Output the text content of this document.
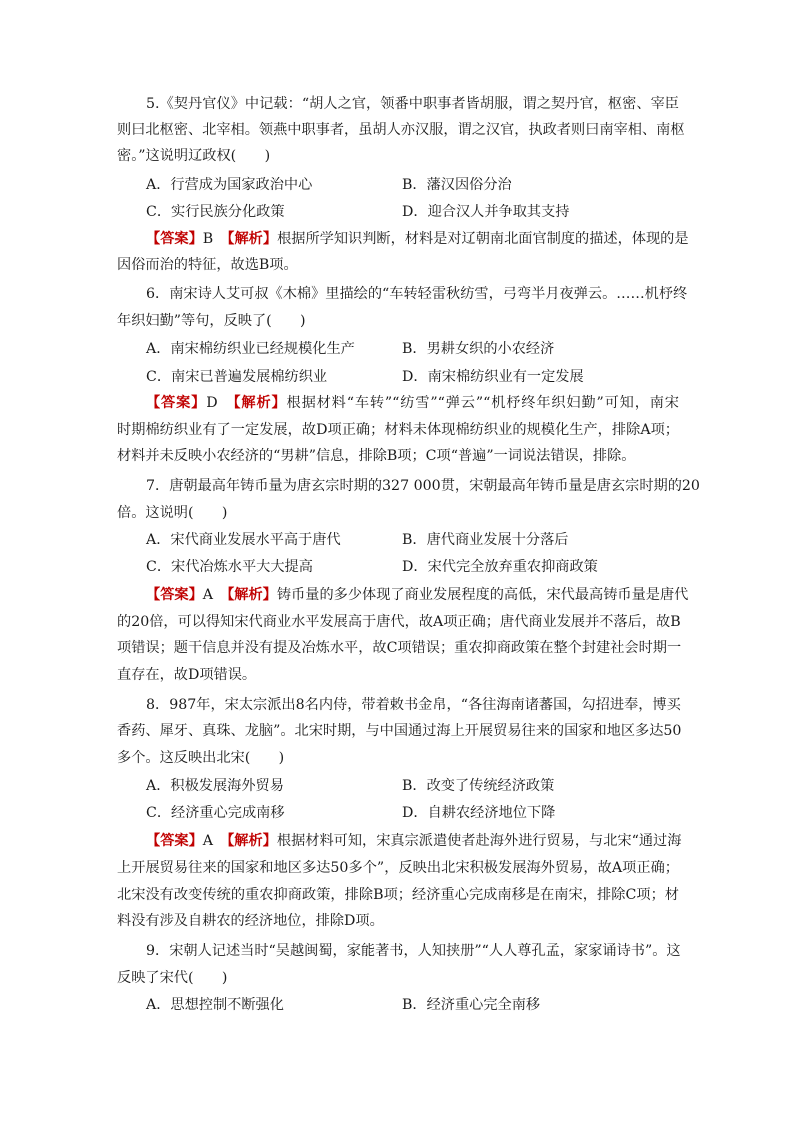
5.《契丹官仪》中记载：“胡人之官，领番中职事者皆胡服，谓之契丹官，枢密、宰臣
则曰北枢密、北宰相。领燕中职事者，虽胡人亦汉服，谓之汉官，执政者则曰南宰相、南枢
密。”这说明辽政权(　　)
A．行营成为国家政治中心	B．藩汉因俗分治
C．实行民族分化政策	D．迎合汉人并争取其支持
【答案】B　 【解析】根据所学知识判断，材料是对辽朝南北面官制度的描述，体现的是
因俗而治的特征，故选B项。
6．南宋诗人艾可叔《木棉》里描绘的“车转轻雷秋纺雪，弓弯半月夜弹云。……机杼终
年织妇勤”等句，反映了(　　)
A．南宋棉纺织业已经规模化生产	B．男耕女织的小农经济
C．南宋已普遍发展棉纺织业	D．南宋棉纺织业有一定发展
【答案】D　 【解析】根据材料“车转”“纺雪”“弹云”“机杼终年织妇勤”可知，南宋
时期棉纺织业有了一定发展，故D项正确；材料未体现棉纺织业的规模化生产，排除A项；
材料并未反映小农经济的“男耕”信息，排除B项；C项“普遍”一词说法错误，排除。
7．唐朝最高年铸币量为唐玄宗时期的327 000贯，宋朝最高年铸币量是唐玄宗时期的20
倍。这说明(　　)
A．宋代商业发展水平高于唐代	B．唐代商业发展十分落后
C．宋代冶炼水平大大提高	D．宋代完全放弃重农抑商政策
【答案】A　 【解析】铸币量的多少体现了商业发展程度的高低，宋代最高铸币量是唐代
的20倍，可以得知宋代商业水平发展高于唐代，故A项正确；唐代商业发展并不落后，故B
项错误；题干信息并没有提及冶炼水平，故C项错误；重农抑商政策在整个封建社会时期一
直存在，故D项错误。
8．987年，宋太宗派出8名内侍，带着敕书金帛，“各往海南诸蕃国，勾招进奉，博买
香药、犀牙、真珠、龙脑”。北宋时期，与中国通过海上开展贸易往来的国家和地区多达50
多个。这反映出北宋(　　)
A．积极发展海外贸易	B．改变了传统经济政策
C．经济重心完成南移	D．自耕农经济地位下降
【答案】A　 【解析】根据材料可知，宋真宗派遣使者赴海外进行贸易，与北宋“通过海
上开展贸易往来的国家和地区多达50多个”，反映出北宋积极发展海外贸易，故A项正确；
北宋没有改变传统的重农抑商政策，排除B项；经济重心完成南移是在南宋，排除C项；材
料没有涉及自耕农的经济地位，排除D项。
9．宋朝人记述当时“吴越闽蜀，家能著书，人知挟册”“人人尊孔孟，家家诵诗书”。这
反映了宋代(　　)
A．思想控制不断强化	B．经济重心完全南移
